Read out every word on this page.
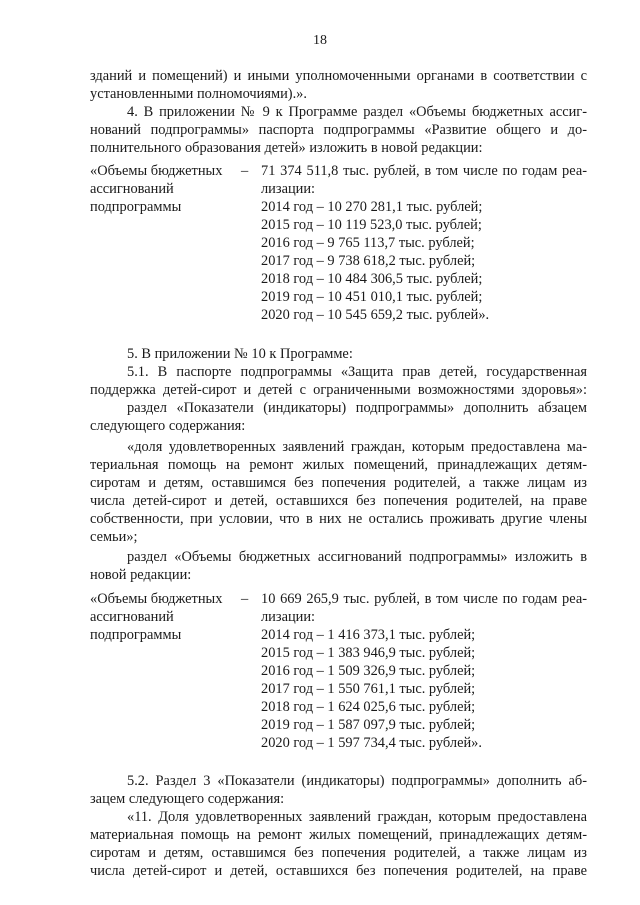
18
зданий и помещений) и иными уполномоченными органами в соответствии с
установленными полномочиями).».
4. В приложении № 9 к Программе раздел «Объемы бюджетных ассиг-
нований подпрограммы» паспорта подпрограммы «Развитие общего и до-
полнительного образования детей» изложить в новой редакции:
«Объемы бюджетных
ассигнований
подпрограммы
– 71 374 511,8 тыс. рублей, в том числе по годам реа-
лизации:
2014 год – 10 270 281,1 тыс. рублей;
2015 год – 10 119 523,0 тыс. рублей;
2016 год – 9 765 113,7 тыс. рублей;
2017 год – 9 738 618,2 тыс. рублей;
2018 год – 10 484 306,5 тыс. рублей;
2019 год – 10 451 010,1 тыс. рублей;
2020 год – 10 545 659,2 тыс. рублей».
5. В приложении № 10 к Программе:
5.1. В паспорте подпрограммы «Защита прав детей, государственная
поддержка детей-сирот и детей с ограниченными возможностями здоровья»:
раздел «Показатели (индикаторы) подпрограммы» дополнить абзацем
следующего содержания:
«доля удовлетворенных заявлений граждан, которым предоставлена ма-
териальная помощь на ремонт жилых помещений, принадлежащих детям-
сиротам и детям, оставшимся без попечения родителей, а также лицам из
числа детей-сирот и детей, оставшихся без попечения родителей, на праве
собственности, при условии, что в них не остались проживать другие члены
семьи»;
раздел «Объемы бюджетных ассигнований подпрограммы» изложить в
новой редакции:
«Объемы бюджетных
ассигнований
подпрограммы
– 10 669 265,9 тыс. рублей, в том числе по годам реа-
лизации:
2014 год – 1 416 373,1 тыс. рублей;
2015 год – 1 383 946,9 тыс. рублей;
2016 год – 1 509 326,9 тыс. рублей;
2017 год – 1 550 761,1 тыс. рублей;
2018 год – 1 624 025,6 тыс. рублей;
2019 год – 1 587 097,9 тыс. рублей;
2020 год – 1 597 734,4 тыс. рублей».
5.2. Раздел 3 «Показатели (индикаторы) подпрограммы» дополнить аб-
зацем следующего содержания:
«11. Доля удовлетворенных заявлений граждан, которым предоставлена
материальная помощь на ремонт жилых помещений, принадлежащих детям-
сиротам и детям, оставшимся без попечения родителей, а также лицам из
числа детей-сирот и детей, оставшихся без попечения родителей, на праве
